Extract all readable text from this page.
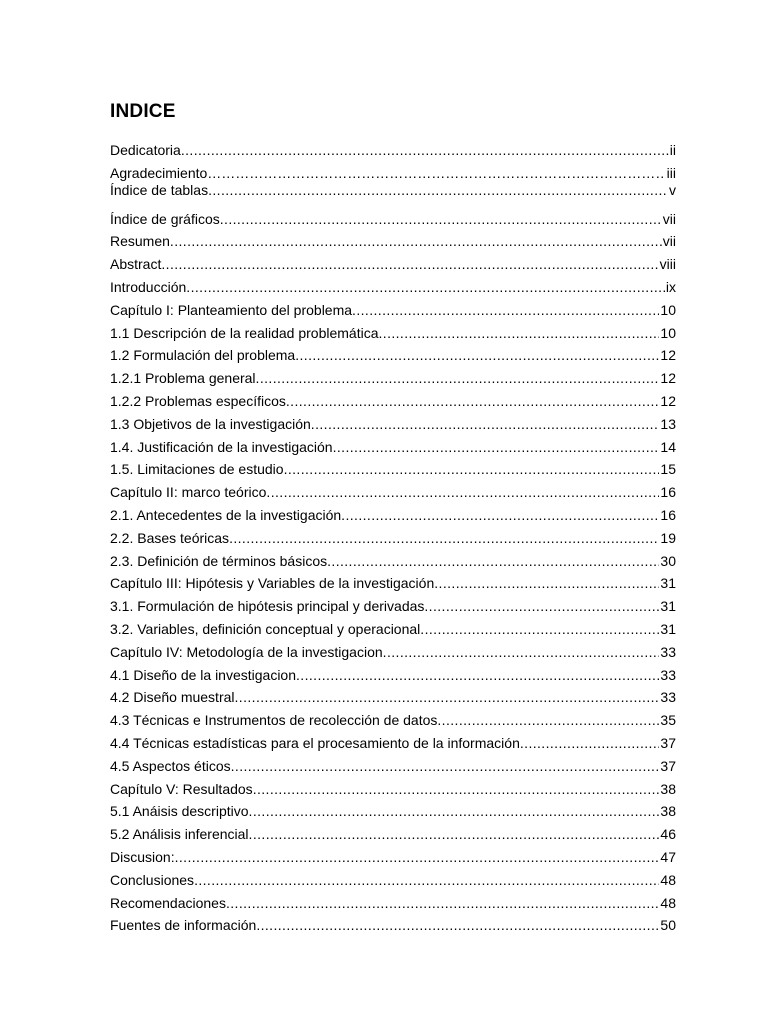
INDICE
Dedicatoria .....	ii
Agradecimiento …………………………………………………………………………………………………………………………………………………………………………………………	iii
Índice de tablas .....	v
Índice de gráficos .....	vii
Resumen .....	vii
Abstract .....	viii
Introducción .....	ix
Capítulo I: Planteamiento del problema .....	10
1.1 Descripción de la realidad problemática .....	10
1.2 Formulación del problema .....	12
1.2.1 Problema general .....	12
1.2.2 Problemas específicos .....	12
1.3 Objetivos de la investigación .....	13
1.4. Justificación de la investigación .....	14
1.5. Limitaciones de estudio .....	15
Capítulo II: marco teórico .....	16
2.1. Antecedentes de la investigación .....	16
2.2. Bases teóricas .....	19
2.3. Definición de términos básicos .....	30
Capítulo III: Hipótesis y Variables de la investigación .....	31
3.1. Formulación de hipótesis principal y derivadas .....	31
3.2. Variables, definición conceptual y operacional .....	31
Capítulo IV: Metodología de la investigacion .....	33
4.1 Diseño de la investigacion .....	33
4.2 Diseño muestral .....	33
4.3 Técnicas e Instrumentos de recolección de datos .....	35
4.4 Técnicas estadísticas para el procesamiento de la información .....	37
4.5 Aspectos éticos .....	37
Capítulo V: Resultados .....	38
5.1 Anáisis descriptivo .....	38
5.2 Análisis inferencial .....	46
Discusion: .....	47
Conclusiones .....	48
Recomendaciones .....	48
Fuentes de información .....	50
